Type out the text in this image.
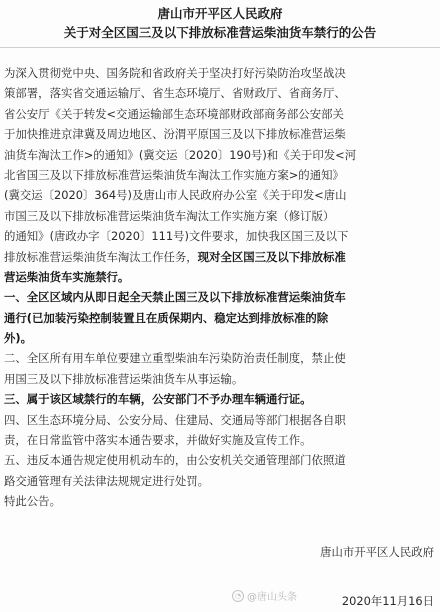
唐山市开平区人民政府
关于对全区国三及以下排放标准营运柴油货车禁行的公告
为深入贯彻党中央、国务院和省政府关于坚决打好污染防治攻坚战决
策部署，落实省交通运输厅、省生态环境厅、省财政厅、省商务厅、
省公安厅《关于转发<交通运输部生态环境部财政部商务部公安部关
于加快推进京津冀及周边地区、汾渭平原国三及以下排放标准营运柴
油货车淘汰工作>的通知》(冀交运〔2020〕190号)和《关于印发<河
北省国三及以下排放标准营运柴油货车淘汰工作实施方案>的通知》
(冀交运〔2020〕364号)及唐山市人民政府办公室《关于印发<唐山
市国三及以下排放标准营运柴油货车淘汰工作实施方案（修订版）
的通知》(唐政办字〔2020〕111号)文件要求，加快我区国三及以下
排放标准营运柴油货车淘汰工作任务，现对全区国三及以下排放标准
营运柴油货车实施禁行。
一、全区区域内从即日起全天禁止国三及以下排放标准营运柴油货车
通行(已加装污染控制装置且在质保期内、稳定达到排放标准的除
外)。
二、全区所有用车单位要建立重型柴油车污染防治责任制度，禁止使
用国三及以下排放标准营运柴油货车从事运输。
三、属于该区域禁行的车辆，公安部门不予办理车辆通行证。
四、区生态环境分局、公安分局、住建局、交通局等部门根据各自职
责，在日常监管中落实本通告要求，并做好实施及宣传工作。
五、违反本通告规定使用机动车的，由公安机关交通管理部门依照道
路交通管理有关法律法规规定进行处罚。
特此公告。
唐山市开平区人民政府
◔ @唐山头条	2020年11月16日
